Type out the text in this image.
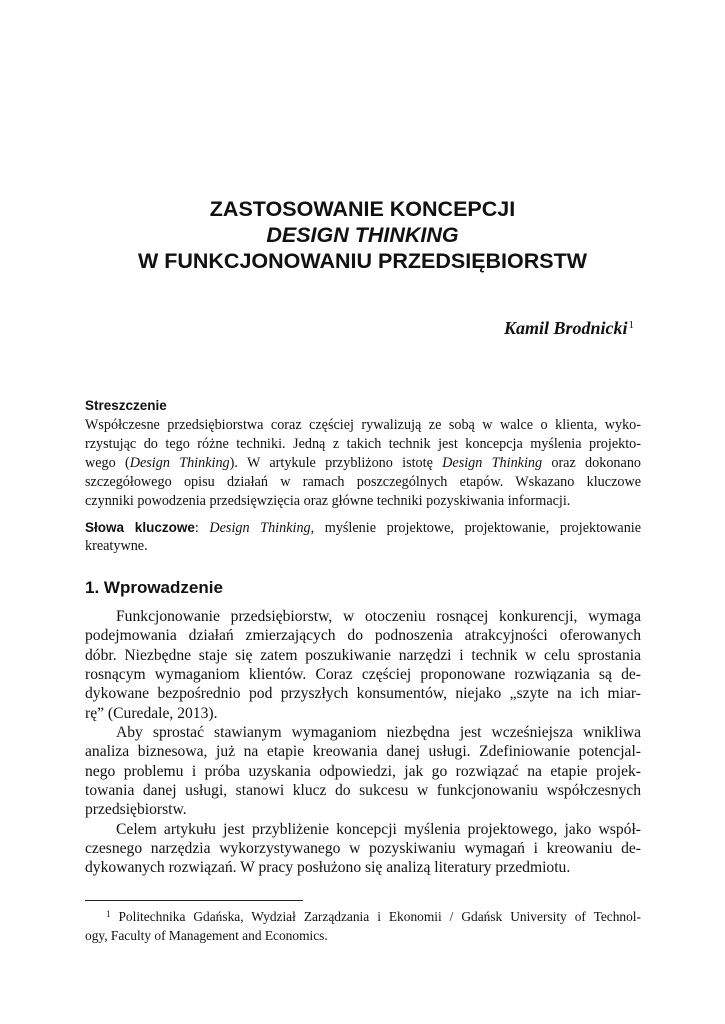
ZASTOSOWANIE KONCEPCJI
DESIGN THINKING
W FUNKCJONOWANIU PRZEDSIĘBIORSTW
Kamil Brodnicki$^1$
Streszczenie
Współczesne przedsiębiorstwa coraz częściej rywalizują ze sobą w walce o klienta, wyko-
rzystując do tego różne techniki. Jedną z takich technik jest koncepcja myślenia projekto-
wego (Design Thinking). W artykule przybliżono istotę Design Thinking oraz dokonano
szczegółowego opisu działań w ramach poszczególnych etapów. Wskazano kluczowe
czynniki powodzenia przedsięwzięcia oraz główne techniki pozyskiwania informacji.
Słowa kluczowe: Design Thinking, myślenie projektowe, projektowanie, projektowanie
kreatywne.
1. Wprowadzenie
Funkcjonowanie przedsiębiorstw, w otoczeniu rosnącej konkurencji, wymaga
podejmowania działań zmierzających do podnoszenia atrakcyjności oferowanych
dóbr. Niezbędne staje się zatem poszukiwanie narzędzi i technik w celu sprostania
rosnącym wymaganiom klientów. Coraz częściej proponowane rozwiązania są de-
dykowane bezpośrednio pod przyszłych konsumentów, niejako „szyte na ich miar-
rę” (Curedale, 2013).
Aby sprostać stawianym wymaganiom niezbędna jest wcześniejsza wnikliwa
analiza biznesowa, już na etapie kreowania danej usługi. Zdefiniowanie potencjal-
nego problemu i próba uzyskania odpowiedzi, jak go rozwiązać na etapie projek-
towania danej usługi, stanowi klucz do sukcesu w funkcjonowaniu współczesnych
przedsiębiorstw.
Celem artykułu jest przybliżenie koncepcji myślenia projektowego, jako współ-
czesnego narzędzia wykorzystywanego w pozyskiwaniu wymagań i kreowaniu de-
dykowanych rozwiązań. W pracy posłużono się analizą literatury przedmiotu.
$^1$ Politechnika Gdańska, Wydział Zarządzania i Ekonomii / Gdańsk University of Technol-
ogy, Faculty of Management and Economics.
